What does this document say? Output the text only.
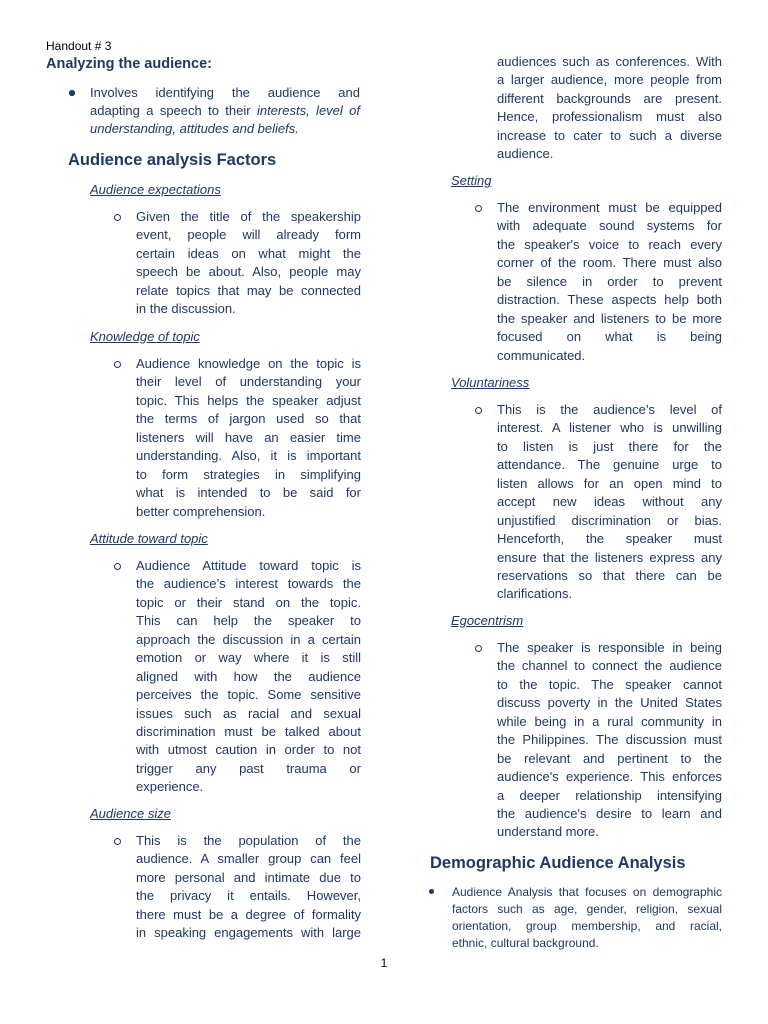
Handout # 3
Analyzing the audience:
Involves identifying the audience and
adapting a speech to their interests, level of
understanding, attitudes and beliefs.
Audience analysis Factors
Audience expectations
Given the title of the speakership
event, people will already form
certain ideas on what might the
speech be about. Also, people may
relate topics that may be connected
in the discussion.
Knowledge of topic
Audience knowledge on the topic is
their level of understanding your
topic. This helps the speaker adjust
the terms of jargon used so that
listeners will have an easier time
understanding. Also, it is important
to form strategies in simplifying
what is intended to be said for
better comprehension.
Attitude toward topic
Audience Attitude toward topic is
the audience’s interest towards the
topic or their stand on the topic.
This can help the speaker to
approach the discussion in a certain
emotion or way where it is still
aligned with how the audience
perceives the topic. Some sensitive
issues such as racial and sexual
discrimination must be talked about
with utmost caution in order to not
trigger any past trauma or
experience.
Audience size
This is the population of the
audience. A smaller group can feel
more personal and intimate due to
the privacy it entails. However,
there must be a degree of formality
in speaking engagements with large
audiences such as conferences. With
a larger audience, more people from
different backgrounds are present.
Hence, professionalism must also
increase to cater to such a diverse
audience.
Setting
The environment must be equipped
with adequate sound systems for
the speaker's voice to reach every
corner of the room. There must also
be silence in order to prevent
distraction. These aspects help both
the speaker and listeners to be more
focused on what is being
communicated.
Voluntariness
This is the audience’s level of
interest. A listener who is unwilling
to listen is just there for the
attendance. The genuine urge to
listen allows for an open mind to
accept new ideas without any
unjustified discrimination or bias.
Henceforth, the speaker must
ensure that the listeners express any
reservations so that there can be
clarifications.
Egocentrism
The speaker is responsible in being
the channel to connect the audience
to the topic. The speaker cannot
discuss poverty in the United States
while being in a rural community in
the Philippines. The discussion must
be relevant and pertinent to the
audience's experience. This enforces
a deeper relationship intensifying
the audience's desire to learn and
understand more.
Demographic Audience Analysis
Audience Analysis that focuses on demographic
factors such as age, gender, religion, sexual
orientation, group membership, and racial,
ethnic, cultural background.
1
